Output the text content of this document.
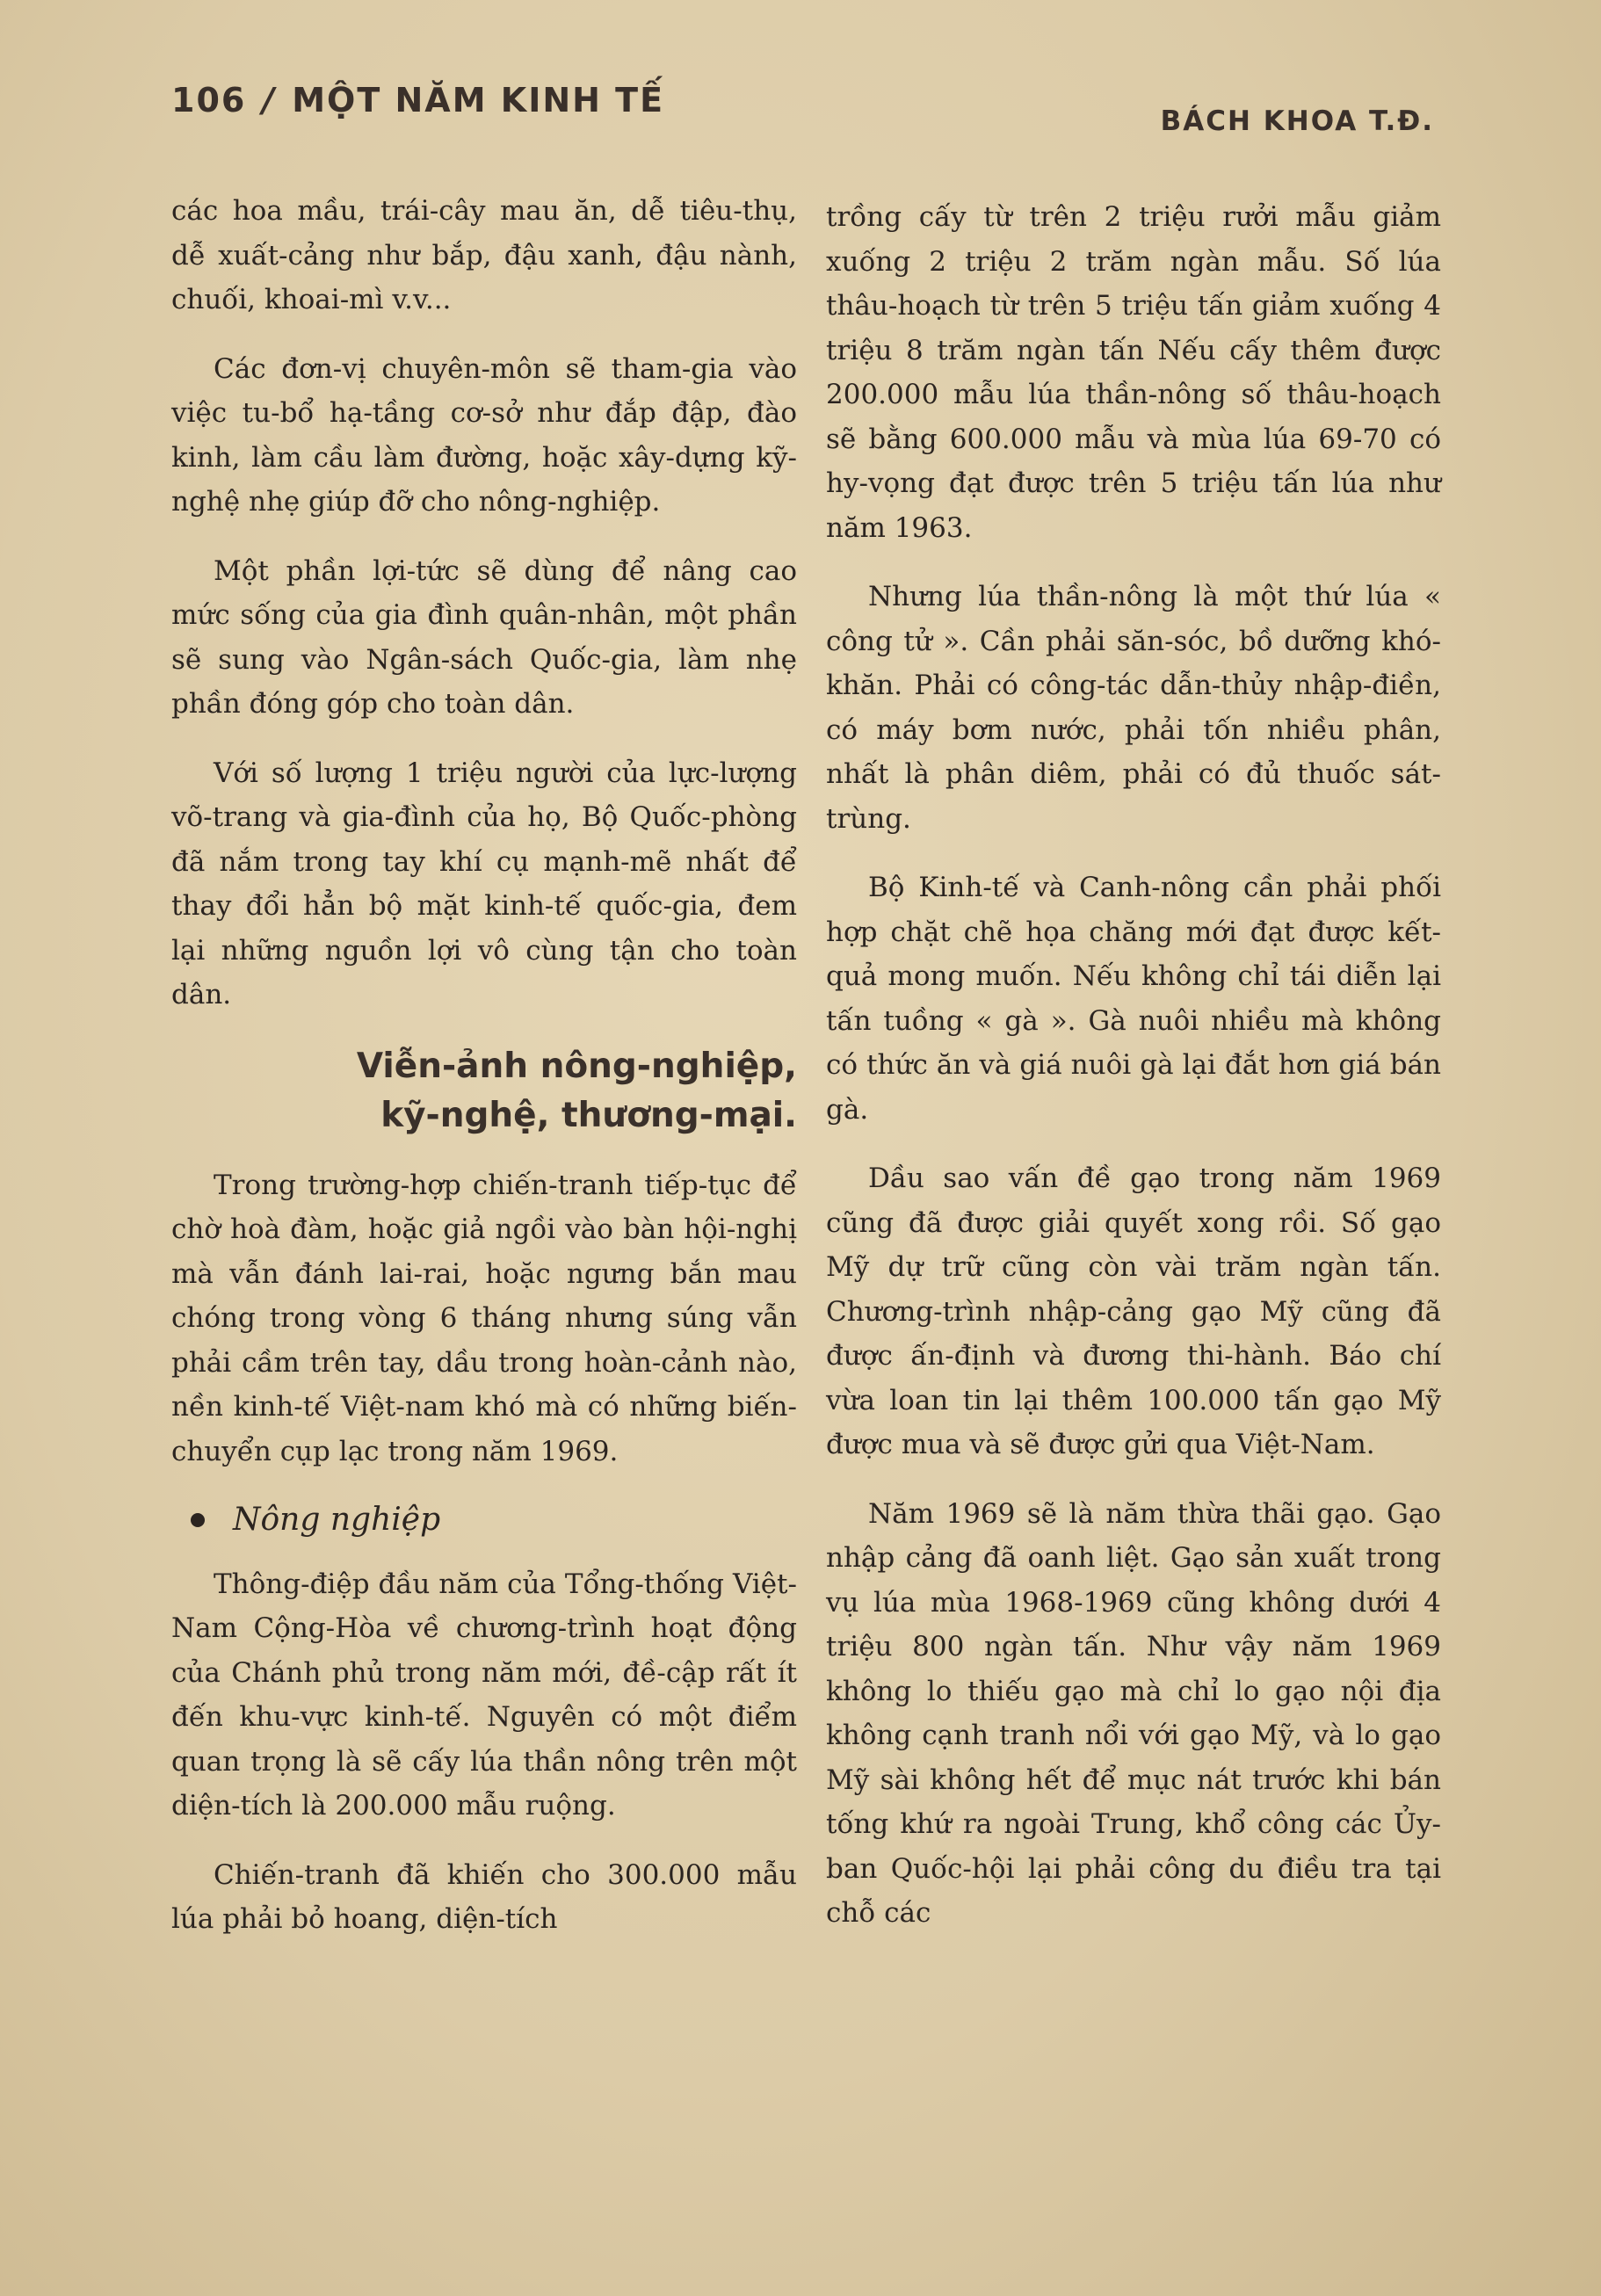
106 / MỘT NĂM KINH TẾ
BÁCH KHOA T.Đ.

các hoa mầu, trái-cây mau ăn, dễ tiêu-thụ, dễ xuất-cảng như bắp, đậu xanh, đậu nành, chuối, khoai-mì v.v...

Các đơn-vị chuyên-môn sẽ tham-gia vào việc tu-bổ hạ-tầng cơ-sở như đắp đập, đào kinh, làm cầu làm đường, hoặc xây-dựng kỹ-nghệ nhẹ giúp đỡ cho nông-nghiệp.

Một phần lợi-tức sẽ dùng để nâng cao mức sống của gia đình quân-nhân, một phần sẽ sung vào Ngân-sách Quốc-gia, làm nhẹ phần đóng góp cho toàn dân.

Với số lượng 1 triệu người của lực-lượng võ-trang và gia-đình của họ, Bộ Quốc-phòng đã nắm trong tay khí cụ mạnh-mẽ nhất để thay đổi hẳn bộ mặt kinh-tế quốc-gia, đem lại những nguồn lợi vô cùng tận cho toàn dân.

Viễn-ảnh nông-nghiệp,
kỹ-nghệ, thương-mại.

Trong trường-hợp chiến-tranh tiếp-tục để chờ hoà đàm, hoặc giả ngồi vào bàn hội-nghị mà vẫn đánh lai-rai, hoặc ngưng bắn mau chóng trong vòng 6 tháng nhưng súng vẫn phải cầm trên tay, dầu trong hoàn-cảnh nào, nền kinh-tế Việt-nam khó mà có những biến-chuyển cụp lạc trong năm 1969.

Nông nghiệp

Thông-điệp đầu năm của Tổng-thống Việt-Nam Cộng-Hòa về chương-trình hoạt động của Chánh phủ trong năm mới, đề-cập rất ít đến khu-vực kinh-tế. Nguyên có một điểm quan trọng là sẽ cấy lúa thần nông trên một diện-tích là 200.000 mẫu ruộng.

Chiến-tranh đã khiến cho 300.000 mẫu lúa phải bỏ hoang, diện-tích

trồng cấy từ trên 2 triệu rưởi mẫu giảm xuống 2 triệu 2 trăm ngàn mẫu. Số lúa thâu-hoạch từ trên 5 triệu tấn giảm xuống 4 triệu 8 trăm ngàn tấn Nếu cấy thêm được 200.000 mẫu lúa thần-nông số thâu-hoạch sẽ bằng 600.000 mẫu và mùa lúa 69-70 có hy-vọng đạt được trên 5 triệu tấn lúa như năm 1963.

Nhưng lúa thần-nông là một thứ lúa « công tử ». Cần phải săn-sóc, bồ dưỡng khó-khăn. Phải có công-tác dẫn-thủy nhập-điền, có máy bơm nước, phải tốn nhiều phân, nhất là phân diêm, phải có đủ thuốc sát-trùng.

Bộ Kinh-tế và Canh-nông cần phải phối hợp chặt chẽ họa chăng mới đạt được kết-quả mong muốn. Nếu không chỉ tái diễn lại tấn tuồng « gà ». Gà nuôi nhiều mà không có thức ăn và giá nuôi gà lại đắt hơn giá bán gà.

Dầu sao vấn đề gạo trong năm 1969 cũng đã được giải quyết xong rồi. Số gạo Mỹ dự trữ cũng còn vài trăm ngàn tấn. Chương-trình nhập-cảng gạo Mỹ cũng đã được ấn-định và đương thi-hành. Báo chí vừa loan tin lại thêm 100.000 tấn gạo Mỹ được mua và sẽ được gửi qua Việt-Nam.

Năm 1969 sẽ là năm thừa thãi gạo. Gạo nhập cảng đã oanh liệt. Gạo sản xuất trong vụ lúa mùa 1968-1969 cũng không dưới 4 triệu 800 ngàn tấn. Như vậy năm 1969 không lo thiếu gạo mà chỉ lo gạo nội địa không cạnh tranh nổi với gạo Mỹ, và lo gạo Mỹ sài không hết để mục nát trước khi bán tống khứ ra ngoài Trung, khổ công các Ủy-ban Quốc-hội lại phải công du điều tra tại chỗ các
